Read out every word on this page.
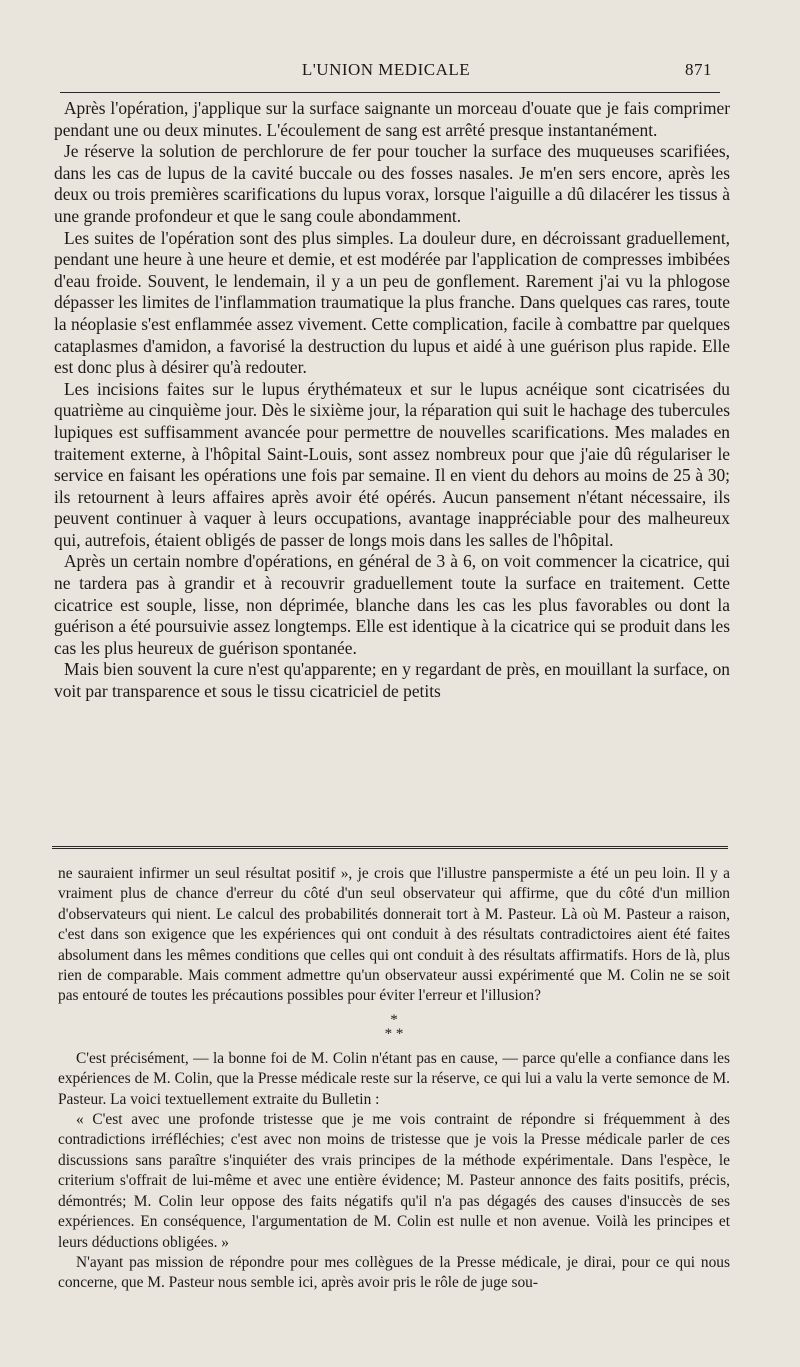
L'UNION MEDICALE	871

Après l'opération, j'applique sur la surface saignante un morceau d'ouate que je fais comprimer pendant une ou deux minutes. L'écoulement de sang est arrêté presque instantanément.

Je réserve la solution de perchlorure de fer pour toucher la surface des muqueuses scarifiées, dans les cas de lupus de la cavité buccale ou des fosses nasales. Je m'en sers encore, après les deux ou trois premières scarifications du lupus vorax, lorsque l'aiguille a dû dilacérer les tissus à une grande profondeur et que le sang coule abondamment.

Les suites de l'opération sont des plus simples. La douleur dure, en décroissant graduellement, pendant une heure à une heure et demie, et est modérée par l'application de compresses imbibées d'eau froide. Souvent, le lendemain, il y a un peu de gonflement. Rarement j'ai vu la phlogose dépasser les limites de l'inflammation traumatique la plus franche. Dans quelques cas rares, toute la néoplasie s'est enflammée assez vivement. Cette complication, facile à combattre par quelques cataplasmes d'amidon, a favorisé la destruction du lupus et aidé à une guérison plus rapide. Elle est donc plus à désirer qu'à redouter.

Les incisions faites sur le lupus érythémateux et sur le lupus acnéique sont cicatrisées du quatrième au cinquième jour. Dès le sixième jour, la réparation qui suit le hachage des tubercules lupiques est suffisamment avancée pour permettre de nouvelles scarifications. Mes malades en traitement externe, à l'hôpital Saint-Louis, sont assez nombreux pour que j'aie dû régulariser le service en faisant les opérations une fois par semaine. Il en vient du dehors au moins de 25 à 30; ils retournent à leurs affaires après avoir été opérés. Aucun pansement n'étant nécessaire, ils peuvent continuer à vaquer à leurs occupations, avantage inappréciable pour des malheureux qui, autrefois, étaient obligés de passer de longs mois dans les salles de l'hôpital.

Après un certain nombre d'opérations, en général de 3 à 6, on voit commencer la cicatrice, qui ne tardera pas à grandir et à recouvrir graduellement toute la surface en traitement. Cette cicatrice est souple, lisse, non déprimée, blanche dans les cas les plus favorables ou dont la guérison a été poursuivie assez longtemps. Elle est identique à la cicatrice qui se produit dans les cas les plus heureux de guérison spontanée.

Mais bien souvent la cure n'est qu'apparente; en y regardant de près, en mouillant la surface, on voit par transparence et sous le tissu cicatriciel de petits

ne sauraient infirmer un seul résultat positif », je crois que l'illustre panspermiste a été un peu loin. Il y a vraiment plus de chance d'erreur du côté d'un seul observateur qui affirme, que du côté d'un million d'observateurs qui nient. Le calcul des probabilités donnerait tort à M. Pasteur. Là où M. Pasteur a raison, c'est dans son exigence que les expériences qui ont conduit à des résultats contradictoires aient été faites absolument dans les mêmes conditions que celles qui ont conduit à des résultats affirmatifs. Hors de là, plus rien de comparable. Mais comment admettre qu'un observateur aussi expérimenté que M. Colin ne se soit pas entouré de toutes les précautions possibles pour éviter l'erreur et l'illusion?

*
* *

C'est précisément, — la bonne foi de M. Colin n'étant pas en cause, — parce qu'elle a confiance dans les expériences de M. Colin, que la Presse médicale reste sur la réserve, ce qui lui a valu la verte semonce de M. Pasteur. La voici textuellement extraite du Bulletin :

« C'est avec une profonde tristesse que je me vois contraint de répondre si fréquemment à des contradictions irréfléchies; c'est avec non moins de tristesse que je vois la Presse médicale parler de ces discussions sans paraître s'inquiéter des vrais principes de la méthode expérimentale. Dans l'espèce, le criterium s'offrait de lui-même et avec une entière évidence; M. Pasteur annonce des faits positifs, précis, démontrés; M. Colin leur oppose des faits négatifs qu'il n'a pas dégagés des causes d'insuccès de ses expériences. En conséquence, l'argumentation de M. Colin est nulle et non avenue. Voilà les principes et leurs déductions obligées. »

N'ayant pas mission de répondre pour mes collègues de la Presse médicale, je dirai, pour ce qui nous concerne, que M. Pasteur nous semble ici, après avoir pris le rôle de juge sou-
